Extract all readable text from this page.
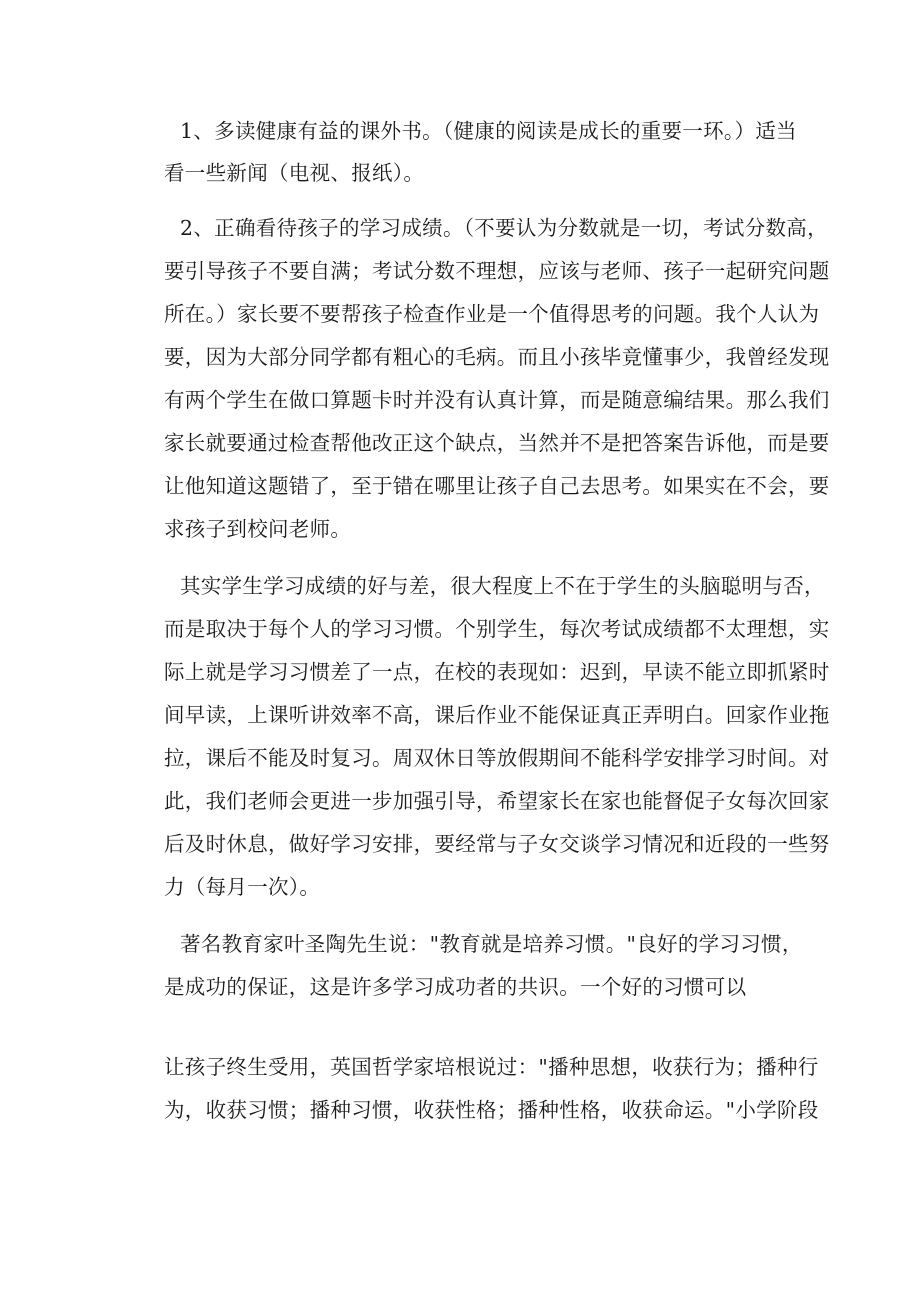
1、多读健康有益的课外书。（健康的阅读是成长的重要一环。）适当
看一些新闻（电视、报纸）。
2、正确看待孩子的学习成绩。（不要认为分数就是一切，考试分数高，
要引导孩子不要自满；考试分数不理想，应该与老师、孩子一起研究问题
所在。）家长要不要帮孩子检查作业是一个值得思考的问题。我个人认为
要，因为大部分同学都有粗心的毛病。而且小孩毕竟懂事少，我曾经发现
有两个学生在做口算题卡时并没有认真计算，而是随意编结果。那么我们
家长就要通过检查帮他改正这个缺点，当然并不是把答案告诉他，而是要
让他知道这题错了，至于错在哪里让孩子自己去思考。如果实在不会，要
求孩子到校问老师。
其实学生学习成绩的好与差，很大程度上不在于学生的头脑聪明与否，
而是取决于每个人的学习习惯。个别学生，每次考试成绩都不太理想，实
际上就是学习习惯差了一点，在校的表现如：迟到，早读不能立即抓紧时
间早读，上课听讲效率不高，课后作业不能保证真正弄明白。回家作业拖
拉，课后不能及时复习。周双休日等放假期间不能科学安排学习时间。对
此，我们老师会更进一步加强引导，希望家长在家也能督促子女每次回家
后及时休息，做好学习安排，要经常与子女交谈学习情况和近段的一些努
力（每月一次）。
著名教育家叶圣陶先生说："教育就是培养习惯。"良好的学习习惯，
是成功的保证，这是许多学习成功者的共识。一个好的习惯可以
让孩子终生受用，英国哲学家培根说过："播种思想，收获行为；播种行
为，收获习惯；播种习惯，收获性格；播种性格，收获命运。"小学阶段
